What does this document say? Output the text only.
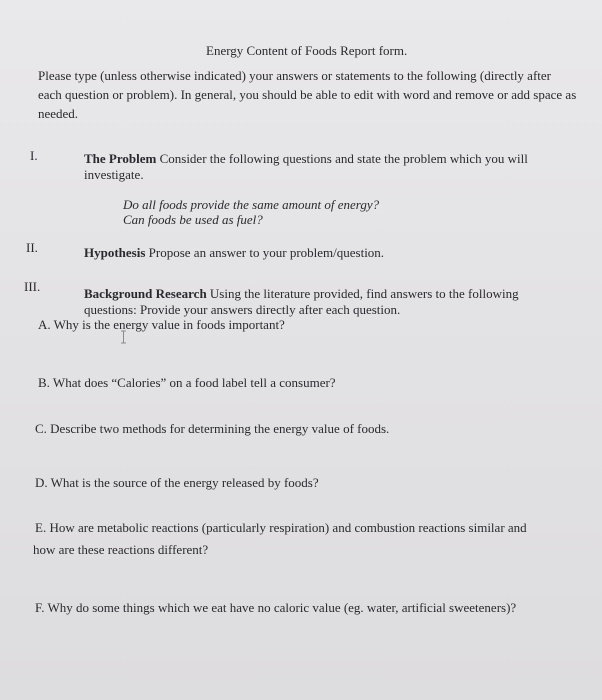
Energy Content of Foods Report form.
Please type (unless otherwise indicated) your answers or statements to the following (directly after each question or problem). In general, you should be able to edit with word and remove or add space as needed.
I.	The Problem Consider the following questions and state the problem which you will
investigate.
Do all foods provide the same amount of energy?
Can foods be used as fuel?
II.	Hypothesis Propose an answer to your problem/question.
III.	Background Research Using the literature provided, find answers to the following
questions: Provide your answers directly after each question.
A. Why is the energy value in foods important?
B. What does “Calories” on a food label tell a consumer?
C. Describe two methods for determining the energy value of foods.
D. What is the source of the energy released by foods?
E. How are metabolic reactions (particularly respiration) and combustion reactions similar and
how are these reactions different?
F. Why do some things which we eat have no caloric value (eg. water, artificial sweeteners)?
